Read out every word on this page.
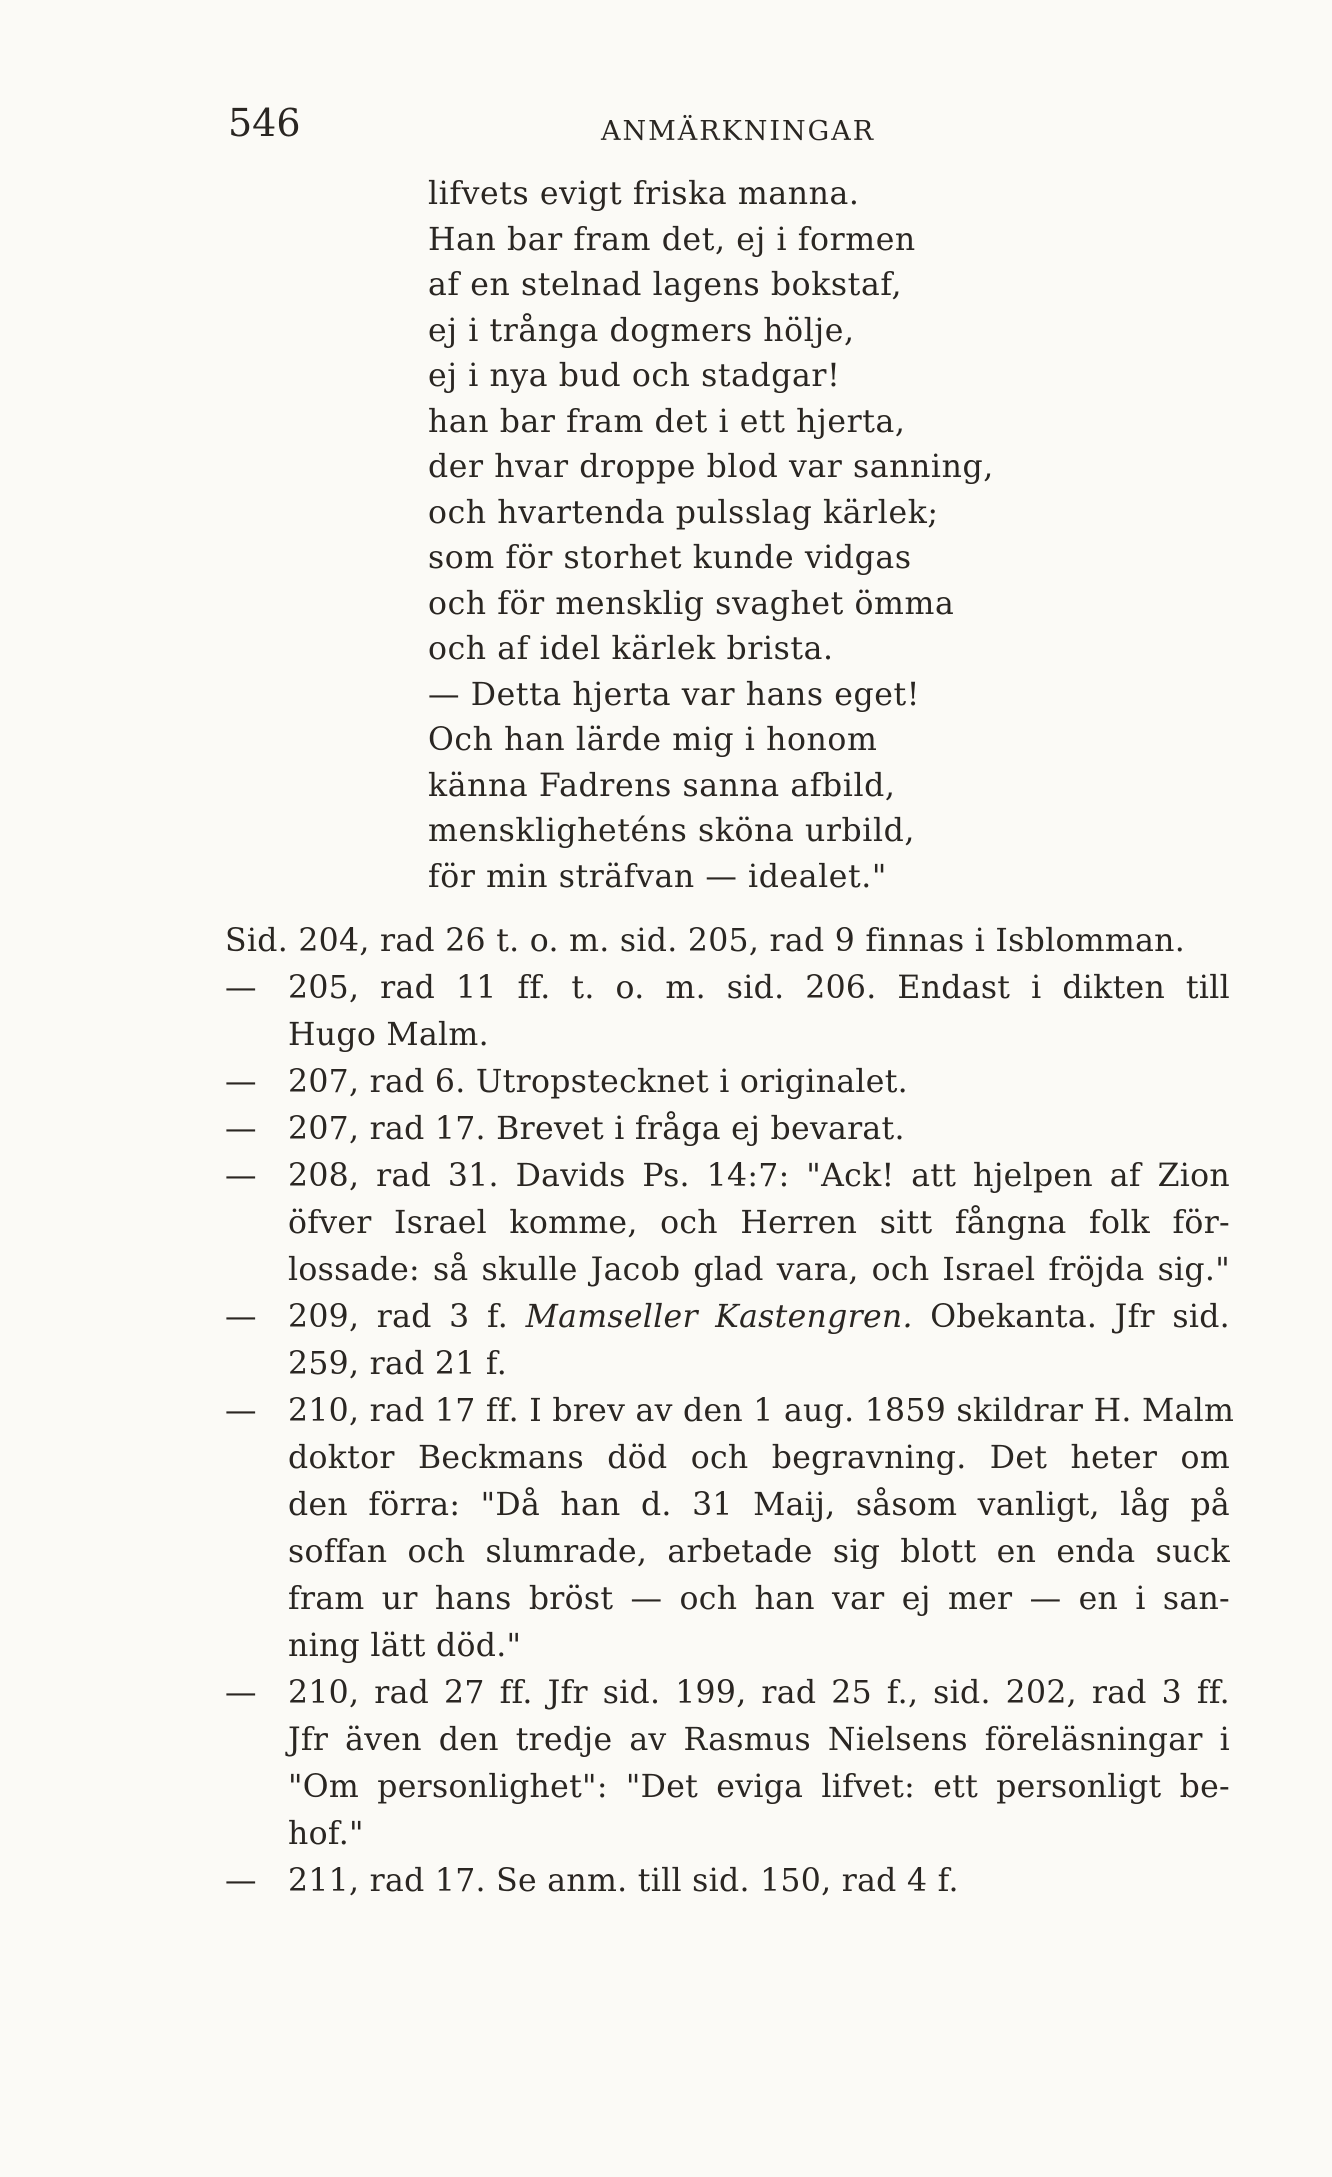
546	ANMÄRKNINGAR
lifvets evigt friska manna.
Han bar fram det, ej i formen
af en stelnad lagens bokstaf,
ej i trånga dogmers hölje,
ej i nya bud och stadgar!
han bar fram det i ett hjerta,
der hvar droppe blod var sanning,
och hvartenda pulsslag kärlek;
som för storhet kunde vidgas
och för mensklig svaghet ömma
och af idel kärlek brista.
— Detta hjerta var hans eget!
Och han lärde mig i honom
känna Fadrens sanna afbild,
menskligheténs sköna urbild,
för min sträfvan — idealet."
Sid. 204, rad 26 t. o. m. sid. 205, rad 9 finnas i Isblomman.
— 205, rad 11 ff. t. o. m. sid. 206. Endast i dikten till
Hugo Malm.
— 207, rad 6. Utropstecknet i originalet.
— 207, rad 17. Brevet i fråga ej bevarat.
— 208, rad 31. Davids Ps. 14:7: "Ack! att hjelpen af Zion
öfver Israel komme, och Herren sitt fångna folk för-
lossade: så skulle Jacob glad vara, och Israel fröjda sig."
— 209, rad 3 f. Mamseller Kastengren. Obekanta. Jfr sid.
259, rad 21 f.
— 210, rad 17 ff. I brev av den 1 aug. 1859 skildrar H. Malm
doktor Beckmans död och begravning. Det heter om
den förra: "Då han d. 31 Maij, såsom vanligt, låg på
soffan och slumrade, arbetade sig blott en enda suck
fram ur hans bröst — och han var ej mer — en i san-
ning lätt död."
— 210, rad 27 ff. Jfr sid. 199, rad 25 f., sid. 202, rad 3 ff.
Jfr även den tredje av Rasmus Nielsens föreläsningar i
"Om personlighet": "Det eviga lifvet: ett personligt be-
hof."
— 211, rad 17. Se anm. till sid. 150, rad 4 f.
